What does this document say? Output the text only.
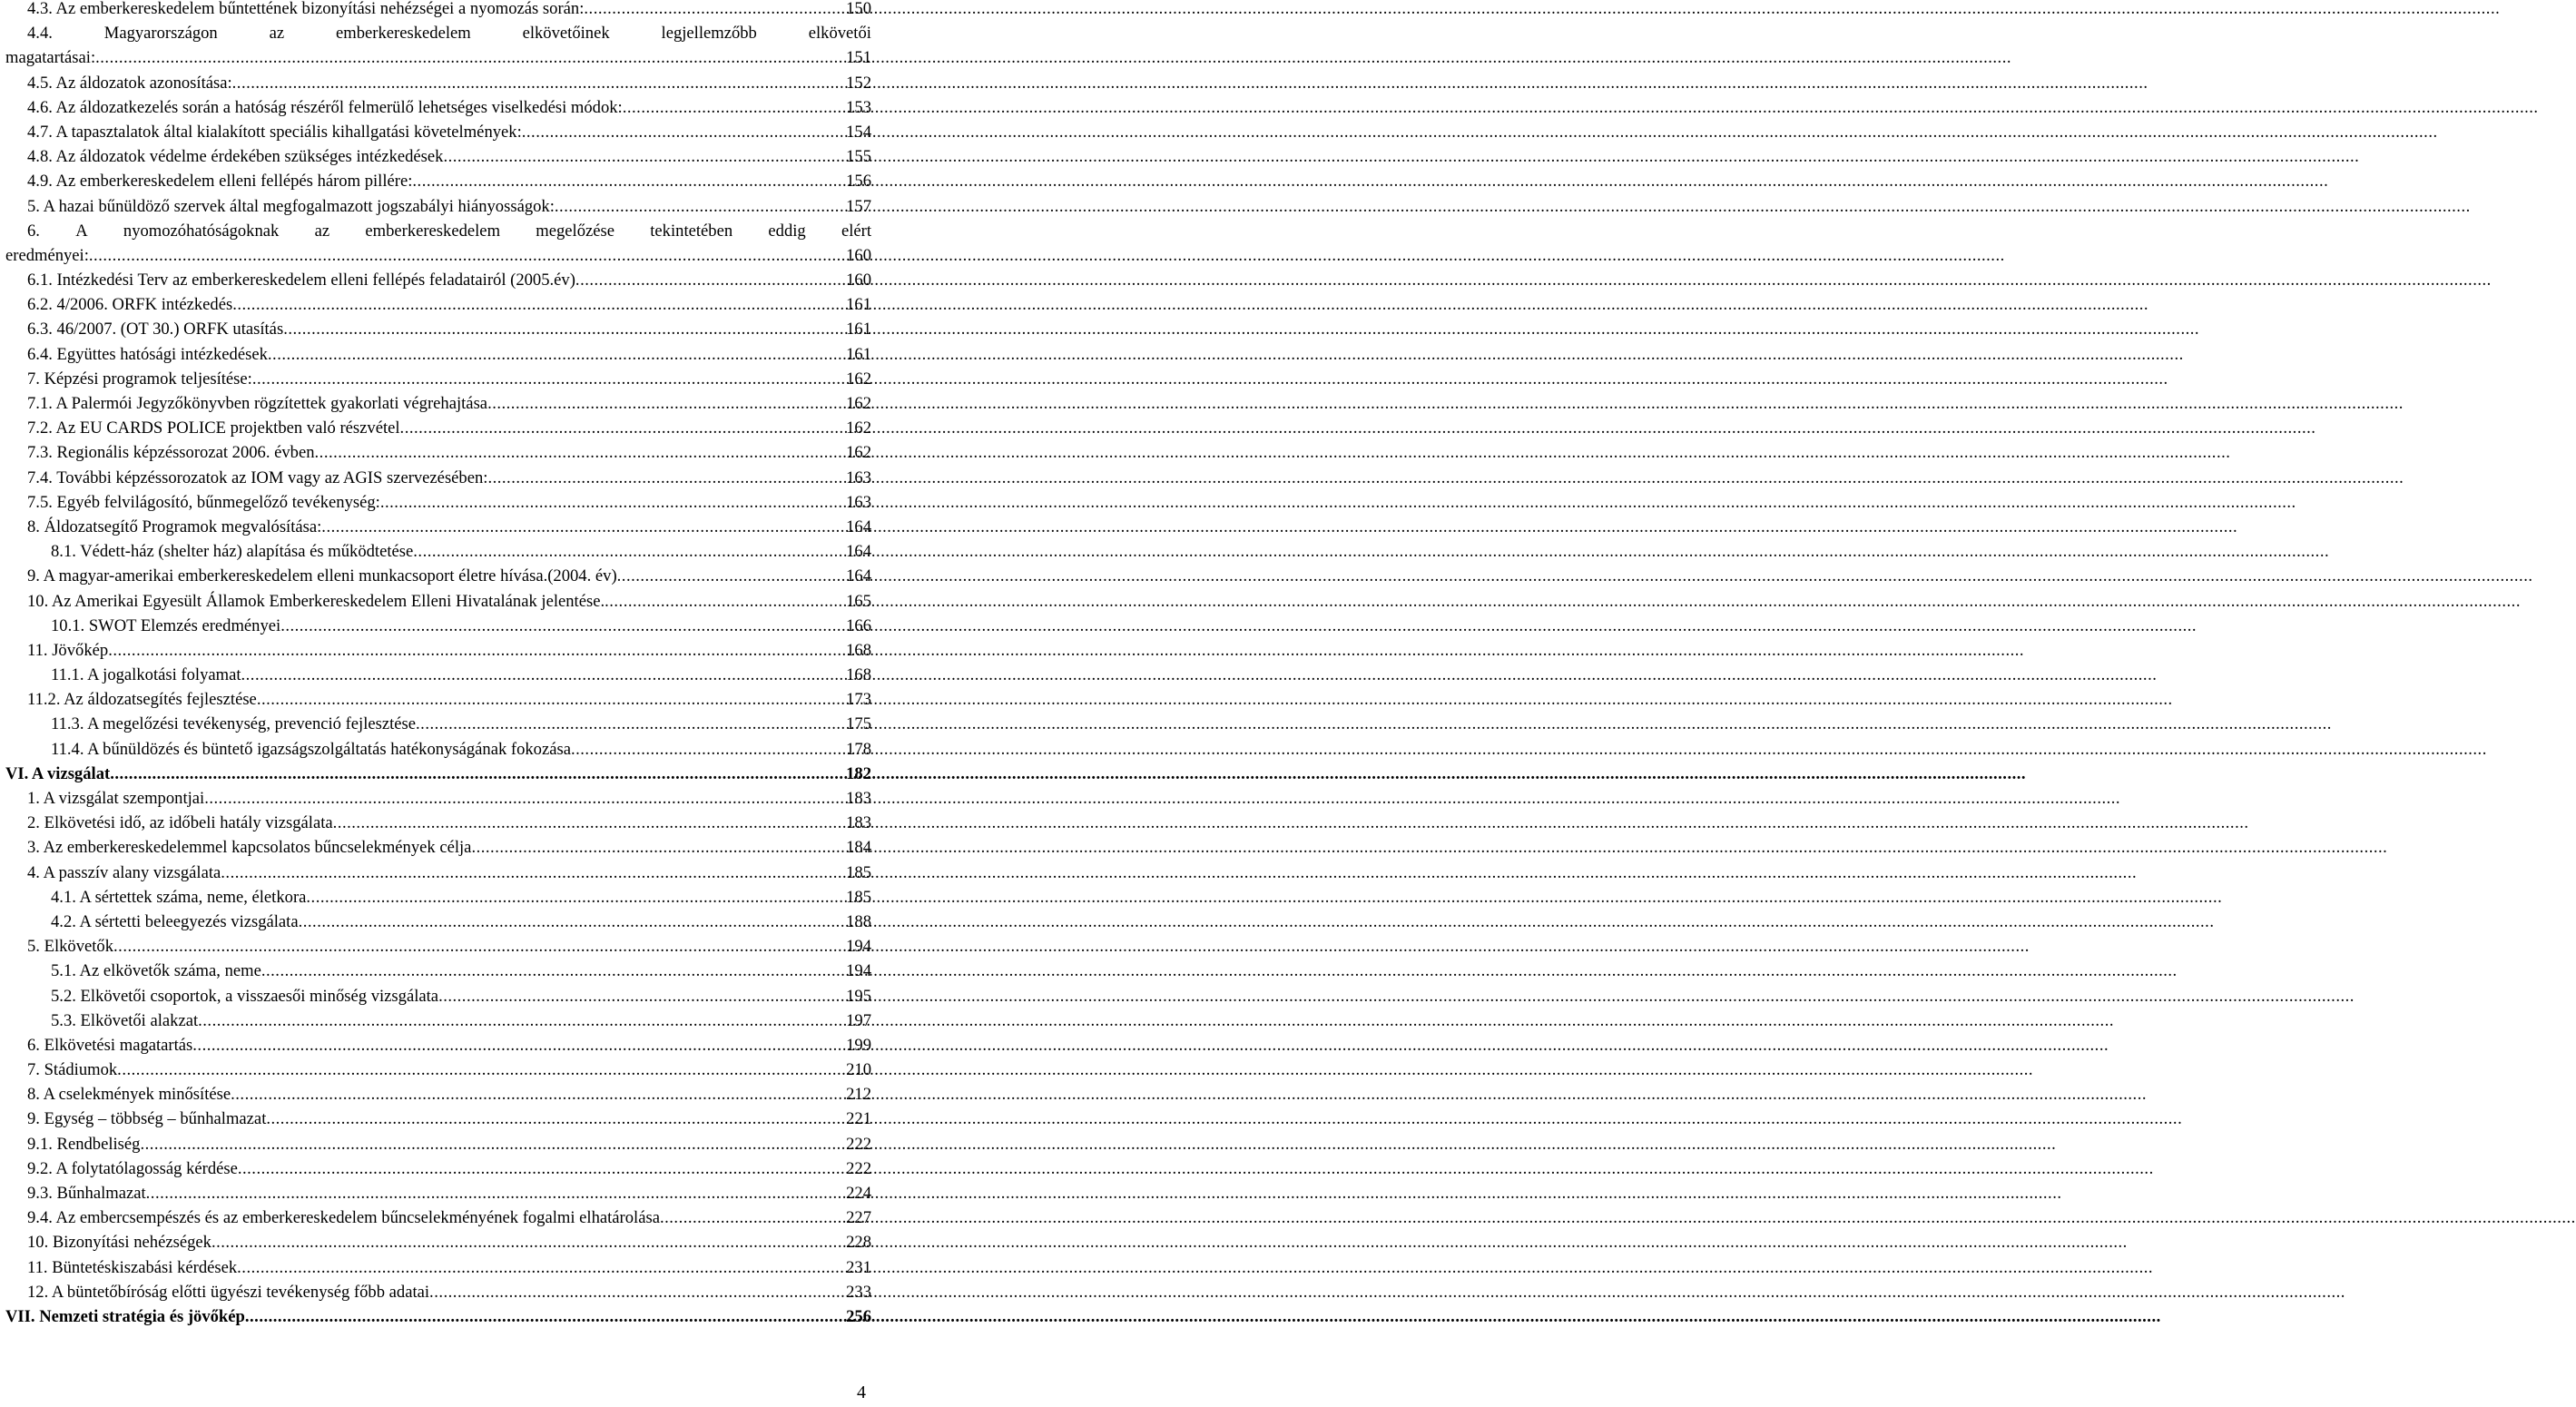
4.3. Az emberkereskedelem bűntettének bizonyítási nehézségei a nyomozás során: .....	150
4.4.	Magyarországon	az	emberkereskedelem	elkövetőinek	legjellemzőbb	elkövetői
magatartásai: .....	151
4.5. Az áldozatok azonosítása: .....	152
4.6. Az áldozatkezelés során a hatóság részéről felmerülő lehetséges viselkedési módok: .....	153
4.7. A tapasztalatok által kialakított speciális kihallgatási követelmények: .....	154
4.8. Az áldozatok védelme érdekében szükséges intézkedések .....	155
4.9. Az emberkereskedelem elleni fellépés három pillére: .....	156
5. A hazai bűnüldöző szervek által megfogalmazott jogszabályi hiányosságok: .....	157
6. A nyomozóhatóságoknak az emberkereskedelem megelőzése tekintetében eddig elért
eredményei: .....	160
6.1. Intézkedési Terv az emberkereskedelem elleni fellépés feladatairól (2005.év) .....	160
6.2. 4/2006. ORFK intézkedés .....	161
6.3. 46/2007. (OT 30.) ORFK utasítás .....	161
6.4. Együttes hatósági intézkedések .....	161
7. Képzési programok teljesítése: .....	162
7.1. A Palermói Jegyzőkönyvben rögzítettek gyakorlati végrehajtása .....	162
7.2. Az EU CARDS POLICE projektben való részvétel .....	162
7.3. Regionális képzéssorozat 2006. évben .....	162
7.4. További képzéssorozatok az IOM vagy az AGIS szervezésében: .....	163
7.5. Egyéb felvilágosító, bűnmegelőző tevékenység: .....	163
8. Áldozatsegítő Programok megvalósítása: .....	164
8.1. Védett-ház (shelter ház) alapítása és működtetése .....	164
9. A magyar-amerikai emberkereskedelem elleni munkacsoport életre hívása.(2004. év) .....	164
10. Az Amerikai Egyesült Államok Emberkereskedelem Elleni Hivatalának jelentése. .....	165
10.1. SWOT Elemzés eredményei .....	166
11. Jövőkép .....	168
11.1. A jogalkotási folyamat .....	168
11.2. Az áldozatsegítés fejlesztése .....	173
11.3. A megelőzési tevékenység, prevenció fejlesztése .....	175
11.4. A bűnüldözés és büntető igazságszolgáltatás hatékonyságának fokozása .....	178
VI. A vizsgálat .....	182
1. A vizsgálat szempontjai .....	183
2. Elkövetési idő, az időbeli hatály vizsgálata .....	183
3. Az emberkereskedelemmel kapcsolatos bűncselekmények célja .....	184
4. A passzív alany vizsgálata .....	185
4.1. A sértettek száma, neme, életkora .....	185
4.2. A sértetti beleegyezés vizsgálata .....	188
5. Elkövetők .....	194
5.1. Az elkövetők száma, neme .....	194
5.2. Elkövetői csoportok, a visszaesői minőség vizsgálata .....	195
5.3. Elkövetői alakzat .....	197
6. Elkövetési magatartás .....	199
7. Stádiumok .....	210
8. A cselekmények minősítése .....	212
9. Egység – többség – bűnhalmazat .....	221
9.1. Rendbeliség .....	222
9.2. A folytatólagosság kérdése .....	222
9.3. Bűnhalmazat .....	224
9.4. Az embercsempészés és az emberkereskedelem bűncselekményének fogalmi elhatárolása .....	227
10. Bizonyítási nehézségek .....	228
11. Büntetéskiszabási kérdések .....	231
12. A büntetőbíróság előtti ügyészi tevékenység főbb adatai .....	233
VII. Nemzeti stratégia és jövőkép .....	256
4
